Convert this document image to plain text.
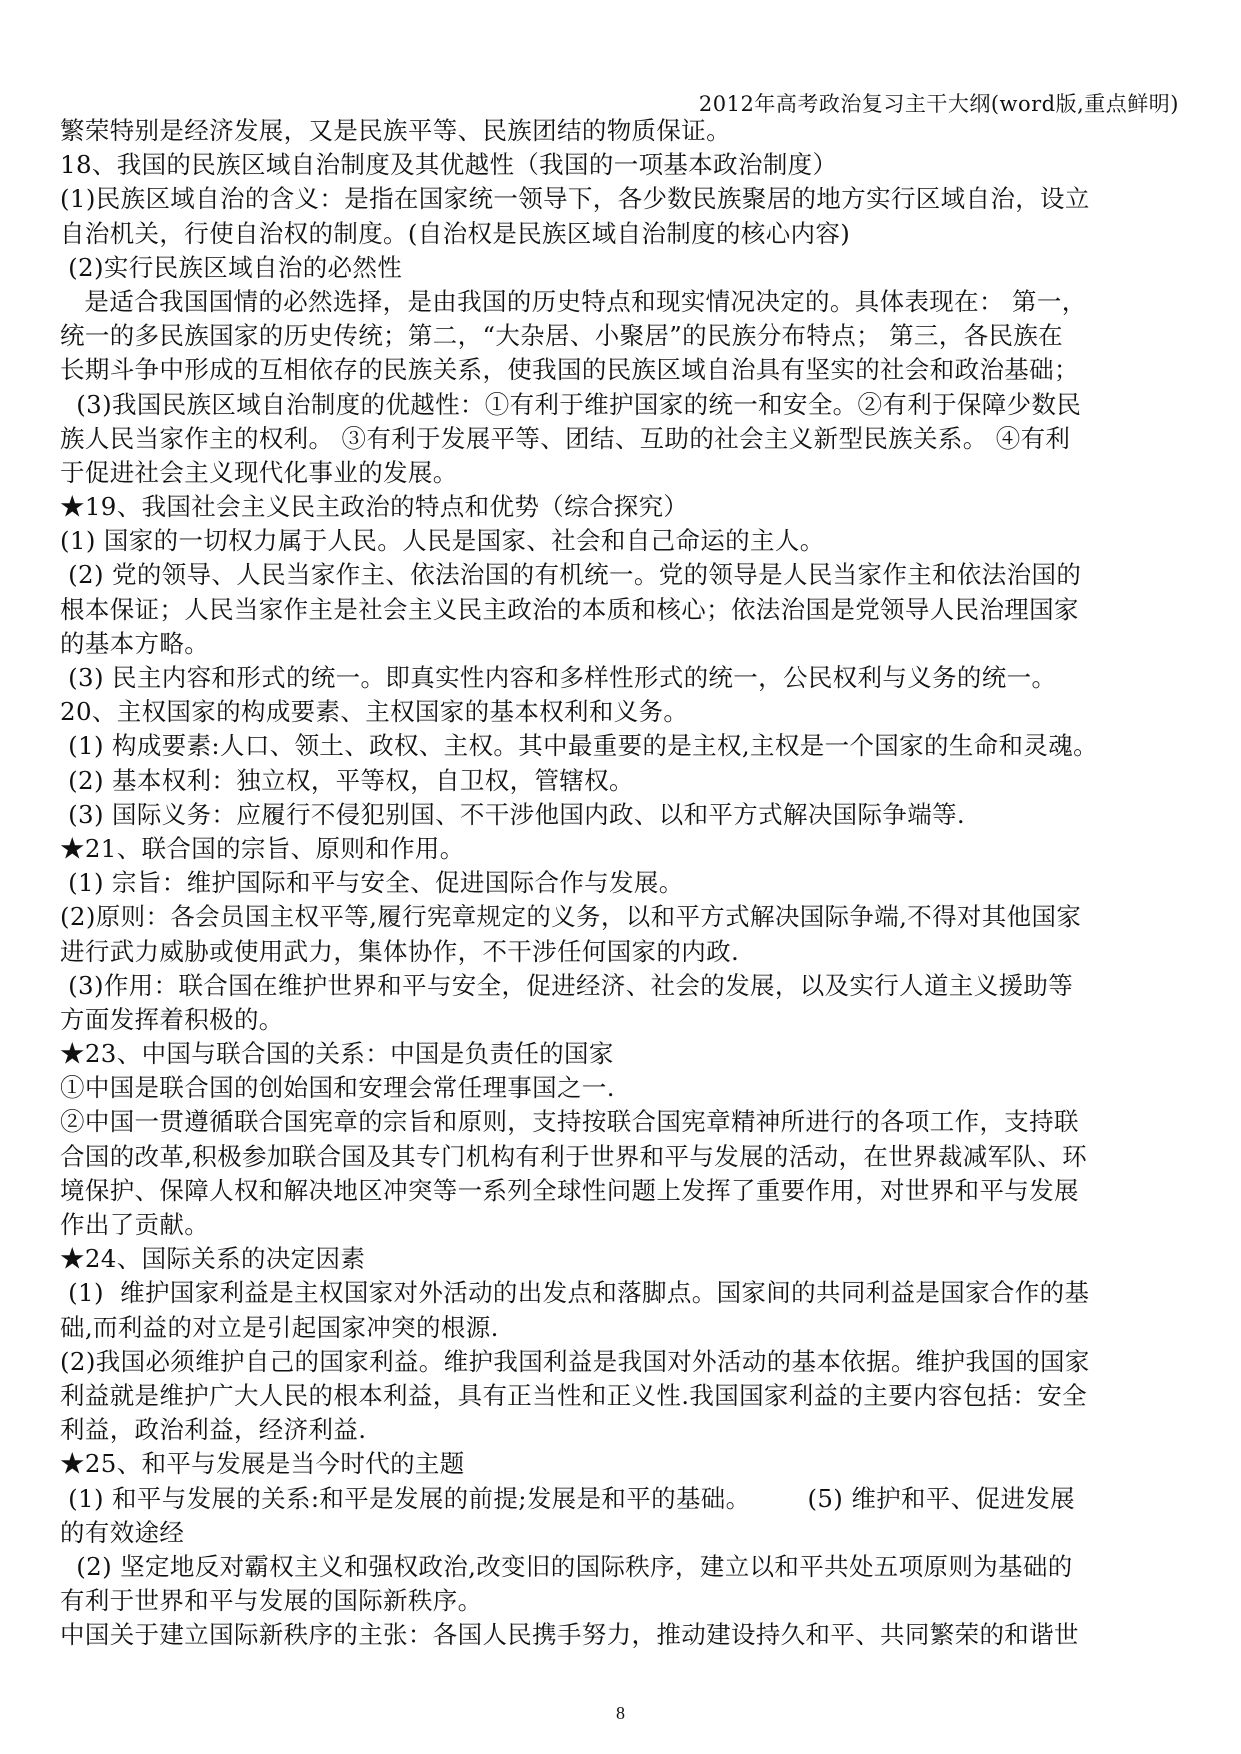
2012年高考政治复习主干大纲(word版,重点鲜明)
繁荣特别是经济发展，又是民族平等、民族团结的物质保证。
18、我国的民族区域自治制度及其优越性（我国的一项基本政治制度）
(1)民族区域自治的含义：是指在国家统一领导下，各少数民族聚居的地方实行区域自治，设立
自治机关，行使自治权的制度。(自治权是民族区域自治制度的核心内容)
(2)实行民族区域自治的必然性
是适合我国国情的必然选择，是由我国的历史特点和现实情况决定的。具体表现在： 第一，
统一的多民族国家的历史传统；第二，“大杂居、小聚居”的民族分布特点； 第三，各民族在
长期斗争中形成的互相依存的民族关系，使我国的民族区域自治具有坚实的社会和政治基础；
(3)我国民族区域自治制度的优越性：①有利于维护国家的统一和安全。②有利于保障少数民
族人民当家作主的权利。 ③有利于发展平等、团结、互助的社会主义新型民族关系。 ④有利
于促进社会主义现代化事业的发展。
★19、我国社会主义民主政治的特点和优势（综合探究）
(1) 国家的一切权力属于人民。人民是国家、社会和自己命运的主人。
(2) 党的领导、人民当家作主、依法治国的有机统一。党的领导是人民当家作主和依法治国的
根本保证；人民当家作主是社会主义民主政治的本质和核心；依法治国是党领导人民治理国家
的基本方略。
(3) 民主内容和形式的统一。即真实性内容和多样性形式的统一，公民权利与义务的统一。
20、主权国家的构成要素、主权国家的基本权利和义务。
(1) 构成要素:人口、领土、政权、主权。其中最重要的是主权,主权是一个国家的生命和灵魂。
(2) 基本权利：独立权，平等权，自卫权，管辖权。
(3) 国际义务：应履行不侵犯别国、不干涉他国内政、以和平方式解决国际争端等.
★21、联合国的宗旨、原则和作用。
(1) 宗旨：维护国际和平与安全、促进国际合作与发展。
(2)原则：各会员国主权平等,履行宪章规定的义务，以和平方式解决国际争端,不得对其他国家
进行武力威胁或使用武力，集体协作，不干涉任何国家的内政.
(3)作用：联合国在维护世界和平与安全，促进经济、社会的发展，以及实行人道主义援助等
方面发挥着积极的。
★23、中国与联合国的关系：中国是负责任的国家
①中国是联合国的创始国和安理会常任理事国之一.
②中国一贯遵循联合国宪章的宗旨和原则，支持按联合国宪章精神所进行的各项工作，支持联
合国的改革,积极参加联合国及其专门机构有利于世界和平与发展的活动，在世界裁减军队、环
境保护、保障人权和解决地区冲突等一系列全球性问题上发挥了重要作用，对世界和平与发展
作出了贡献。
★24、国际关系的决定因素
(1)  维护国家利益是主权国家对外活动的出发点和落脚点。国家间的共同利益是国家合作的基
础,而利益的对立是引起国家冲突的根源.
(2)我国必须维护自己的国家利益。维护我国利益是我国对外活动的基本依据。维护我国的国家
利益就是维护广大人民的根本利益，具有正当性和正义性.我国国家利益的主要内容包括：安全
利益，政治利益，经济利益.
★25、和平与发展是当今时代的主题
(1) 和平与发展的关系:和平是发展的前提;发展是和平的基础。       (5) 维护和平、促进发展
的有效途经
(2) 坚定地反对霸权主义和强权政治,改变旧的国际秩序，建立以和平共处五项原则为基础的
有利于世界和平与发展的国际新秩序。
中国关于建立国际新秩序的主张：各国人民携手努力，推动建设持久和平、共同繁荣的和谐世
8
